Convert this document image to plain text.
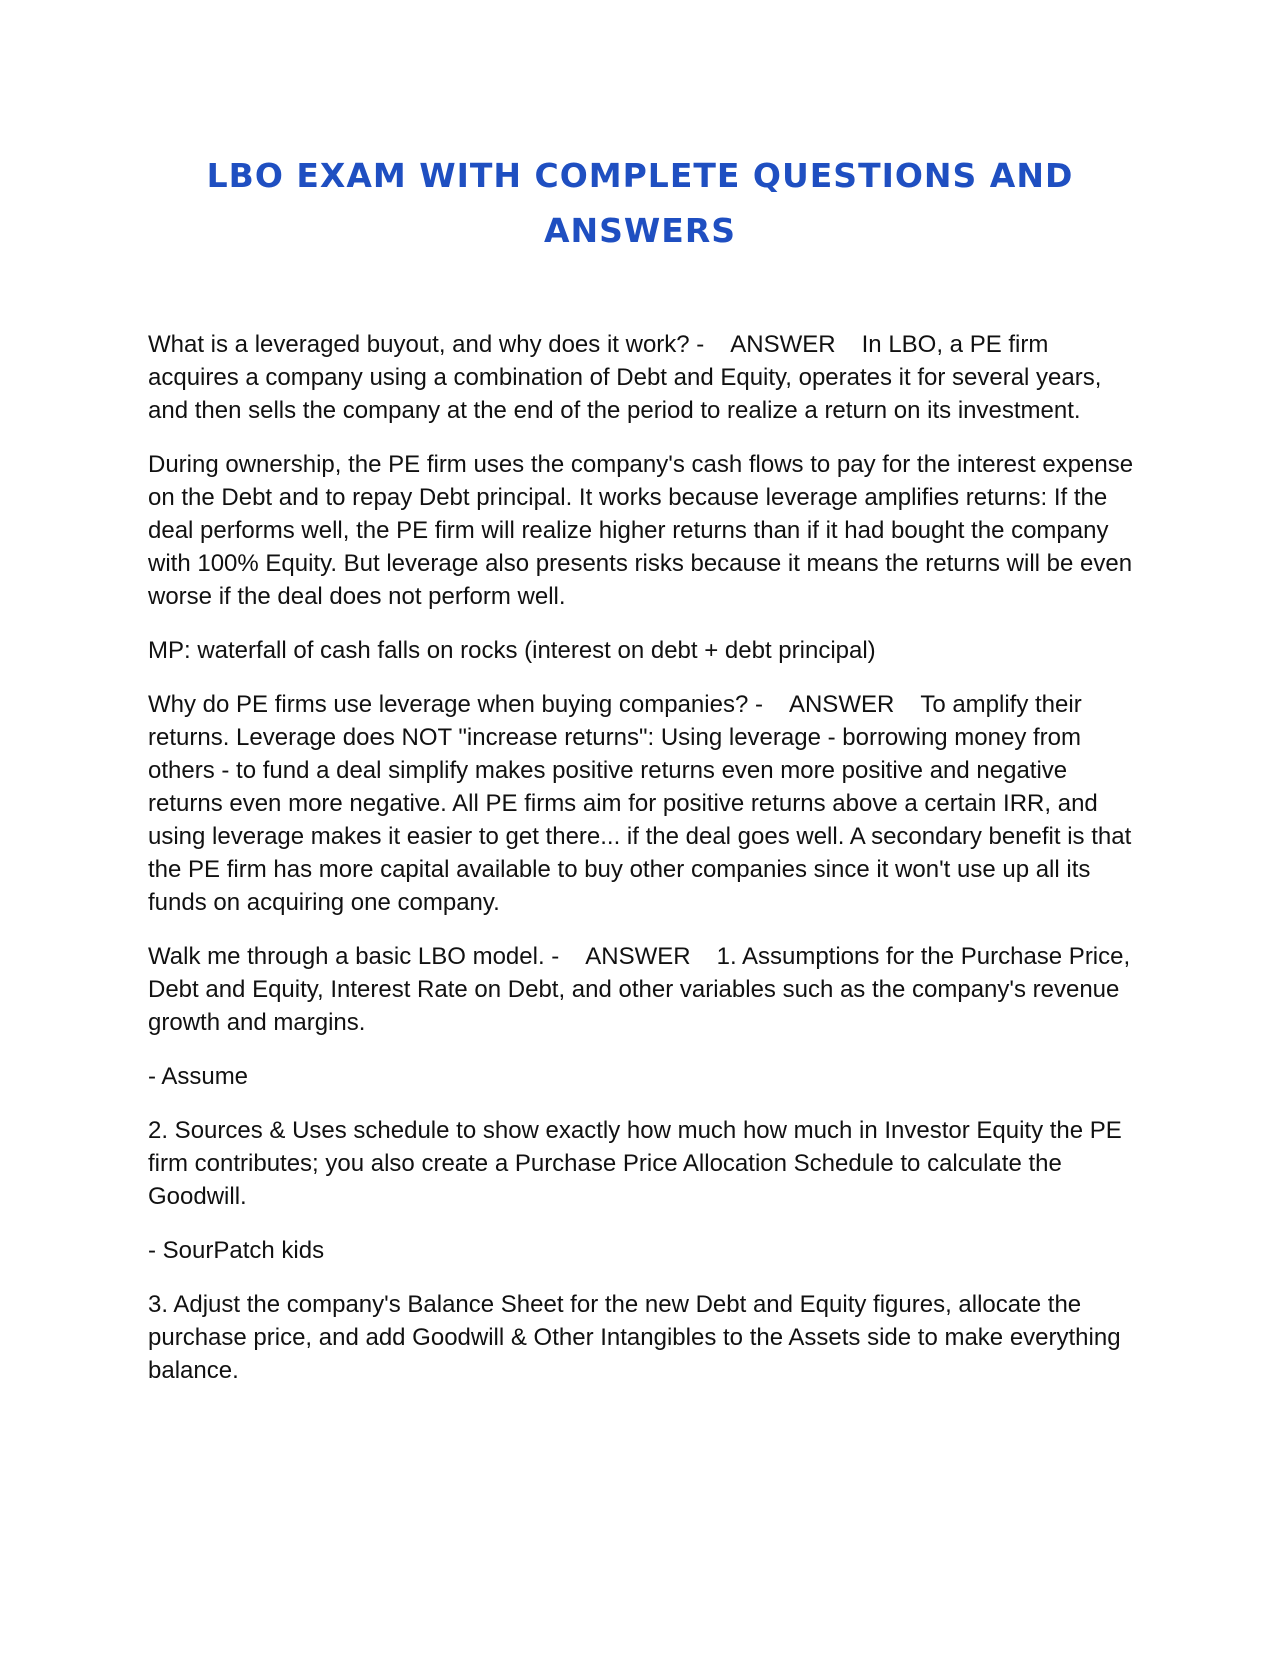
LBO EXAM WITH COMPLETE QUESTIONS AND
ANSWERS

What is a leveraged buyout, and why does it work? - ANSWER In LBO, a PE firm acquires a company using a combination of Debt and Equity, operates it for several years, and then sells the company at the end of the period to realize a return on its investment.

During ownership, the PE firm uses the company's cash flows to pay for the interest expense on the Debt and to repay Debt principal. It works because leverage amplifies returns: If the deal performs well, the PE firm will realize higher returns than if it had bought the company with 100% Equity. But leverage also presents risks because it means the returns will be even worse if the deal does not perform well.

MP: waterfall of cash falls on rocks (interest on debt + debt principal)

Why do PE firms use leverage when buying companies? - ANSWER To amplify their returns. Leverage does NOT "increase returns": Using leverage - borrowing money from others - to fund a deal simplify makes positive returns even more positive and negative returns even more negative. All PE firms aim for positive returns above a certain IRR, and using leverage makes it easier to get there... if the deal goes well. A secondary benefit is that the PE firm has more capital available to buy other companies since it won't use up all its funds on acquiring one company.

Walk me through a basic LBO model. - ANSWER 1. Assumptions for the Purchase Price, Debt and Equity, Interest Rate on Debt, and other variables such as the company's revenue growth and margins.

- Assume

2. Sources & Uses schedule to show exactly how much how much in Investor Equity the PE firm contributes; you also create a Purchase Price Allocation Schedule to calculate the Goodwill.

- SourPatch kids

3. Adjust the company's Balance Sheet for the new Debt and Equity figures, allocate the purchase price, and add Goodwill & Other Intangibles to the Assets side to make everything balance.
